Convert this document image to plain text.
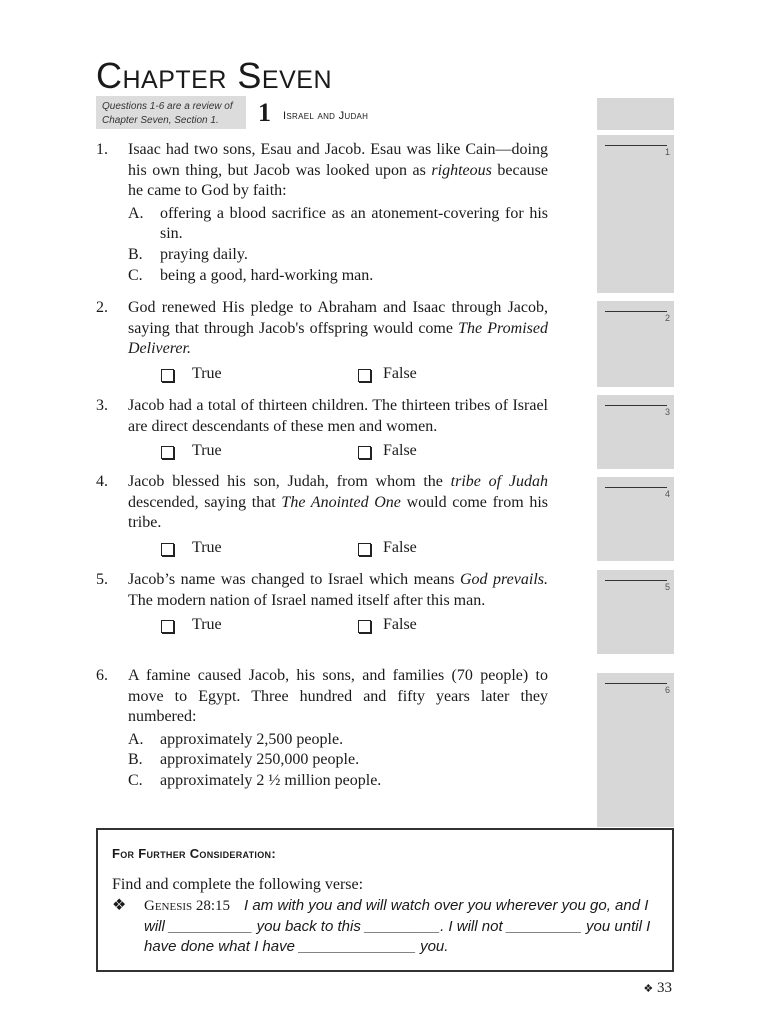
Chapter Seven
Questions 1-6 are a review of Chapter Seven, Section 1.	1 Israel and Judah
1
2
3
4
5
6
1.	Isaac had two sons, Esau and Jacob. Esau was like Cain—doing his own thing, but Jacob was looked upon as righteous because he came to God by faith:
A.	offering a blood sacrifice as an atonement-covering for his sin.
B.	praying daily.
C.	being a good, hard-working man.
2.	God renewed His pledge to Abraham and Isaac through Jacob, saying that through Jacob's offspring would come The Promised Deliverer.
True	False
3.	Jacob had a total of thirteen children. The thirteen tribes of Israel are direct descendants of these men and women.
True	False
4.	Jacob blessed his son, Judah, from whom the tribe of Judah descended, saying that The Anointed One would come from his tribe.
True	False
5.	Jacob’s name was changed to Israel which means God prevails. The modern nation of Israel named itself after this man.
True	False
6.	A famine caused Jacob, his sons, and families (70 people) to move to Egypt. Three hundred and fifty years later they numbered:
A.	approximately 2,500 people.
B.	approximately 250,000 people.
C.	approximately 2 ½ million people.
For Further Consideration:
Find and complete the following verse:
❖ Genesis 28:15 I am with you and will watch over you wherever you go, and I will __________ you back to this _________. I will not _________ you until I have done what I have ______________ you.
❖ 33
